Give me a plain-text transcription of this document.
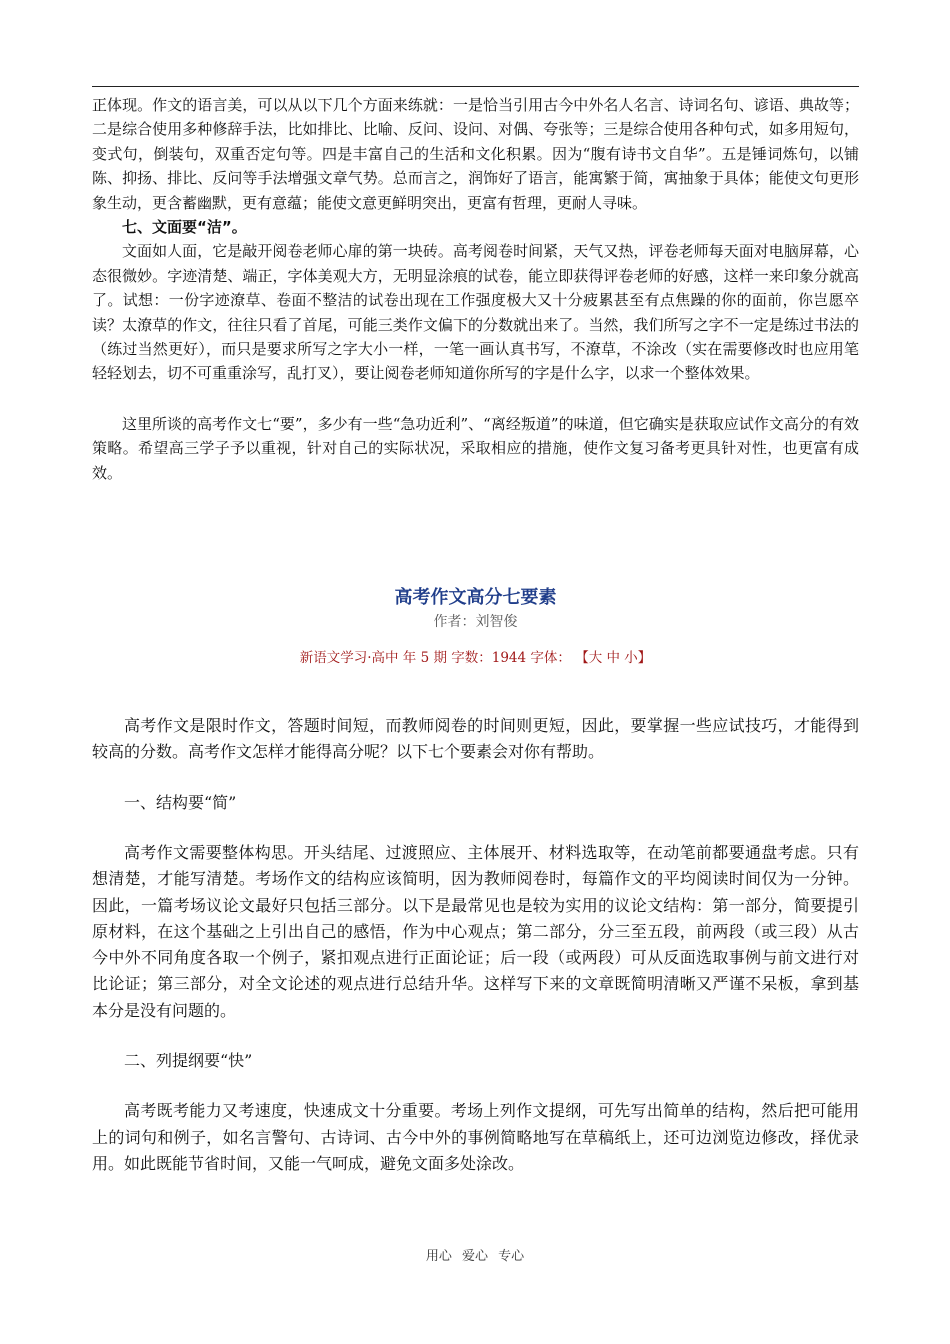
正体现。作文的语言美，可以从以下几个方面来练就：一是恰当引用古今中外名人名言、诗词名句、谚语、典故等；二是综合使用多种修辞手法，比如排比、比喻、反问、设问、对偶、夸张等；三是综合使用各种句式，如多用短句，变式句，倒装句，双重否定句等。四是丰富自己的生活和文化积累。因为“腹有诗书文自华”。五是锤词炼句，以铺陈、抑扬、排比、反问等手法增强文章气势。总而言之，润饰好了语言，能寓繁于简，寓抽象于具体；能使文句更形象生动，更含蓄幽默，更有意蕴；能使文意更鲜明突出，更富有哲理，更耐人寻味。

七、文面要“洁”。

文面如人面，它是敲开阅卷老师心扉的第一块砖。高考阅卷时间紧，天气又热，评卷老师每天面对电脑屏幕，心态很微妙。字迹清楚、端正，字体美观大方，无明显涂痕的试卷，能立即获得评卷老师的好感，这样一来印象分就高了。试想：一份字迹潦草、卷面不整洁的试卷出现在工作强度极大又十分疲累甚至有点焦躁的你的面前，你岂愿卒读？太潦草的作文，往往只看了首尾，可能三类作文偏下的分数就出来了。当然，我们所写之字不一定是练过书法的（练过当然更好），而只是要求所写之字大小一样，一笔一画认真书写，不潦草，不涂改（实在需要修改时也应用笔轻轻划去，切不可重重涂写，乱打叉），要让阅卷老师知道你所写的字是什么字，以求一个整体效果。

这里所谈的高考作文七“要”，多少有一些“急功近利”、“离经叛道”的味道，但它确实是获取应试作文高分的有效策略。希望高三学子予以重视，针对自己的实际状况，采取相应的措施，使作文复习备考更具针对性，也更富有成效。

高考作文高分七要素
作者：刘智俊
新语文学习·高中 年 5 期 字数：1944 字体： 【大 中 小】

高考作文是限时作文，答题时间短，而教师阅卷的时间则更短，因此，要掌握一些应试技巧，才能得到较高的分数。高考作文怎样才能得高分呢？以下七个要素会对你有帮助。

一、结构要“简”

高考作文需要整体构思。开头结尾、过渡照应、主体展开、材料选取等，在动笔前都要通盘考虑。只有想清楚，才能写清楚。考场作文的结构应该简明，因为教师阅卷时，每篇作文的平均阅读时间仅为一分钟。因此，一篇考场议论文最好只包括三部分。以下是最常见也是较为实用的议论文结构：第一部分，简要提引原材料，在这个基础之上引出自己的感悟，作为中心观点；第二部分，分三至五段，前两段（或三段）从古今中外不同角度各取一个例子，紧扣观点进行正面论证；后一段（或两段）可从反面选取事例与前文进行对比论证；第三部分，对全文论述的观点进行总结升华。这样写下来的文章既简明清晰又严谨不呆板，拿到基本分是没有问题的。

二、列提纲要“快”

高考既考能力又考速度，快速成文十分重要。考场上列作文提纲，可先写出简单的结构，然后把可能用上的词句和例子，如名言警句、古诗词、古今中外的事例简略地写在草稿纸上，还可边浏览边修改，择优录用。如此既能节省时间，又能一气呵成，避免文面多处涂改。

用心 爱心 专心
